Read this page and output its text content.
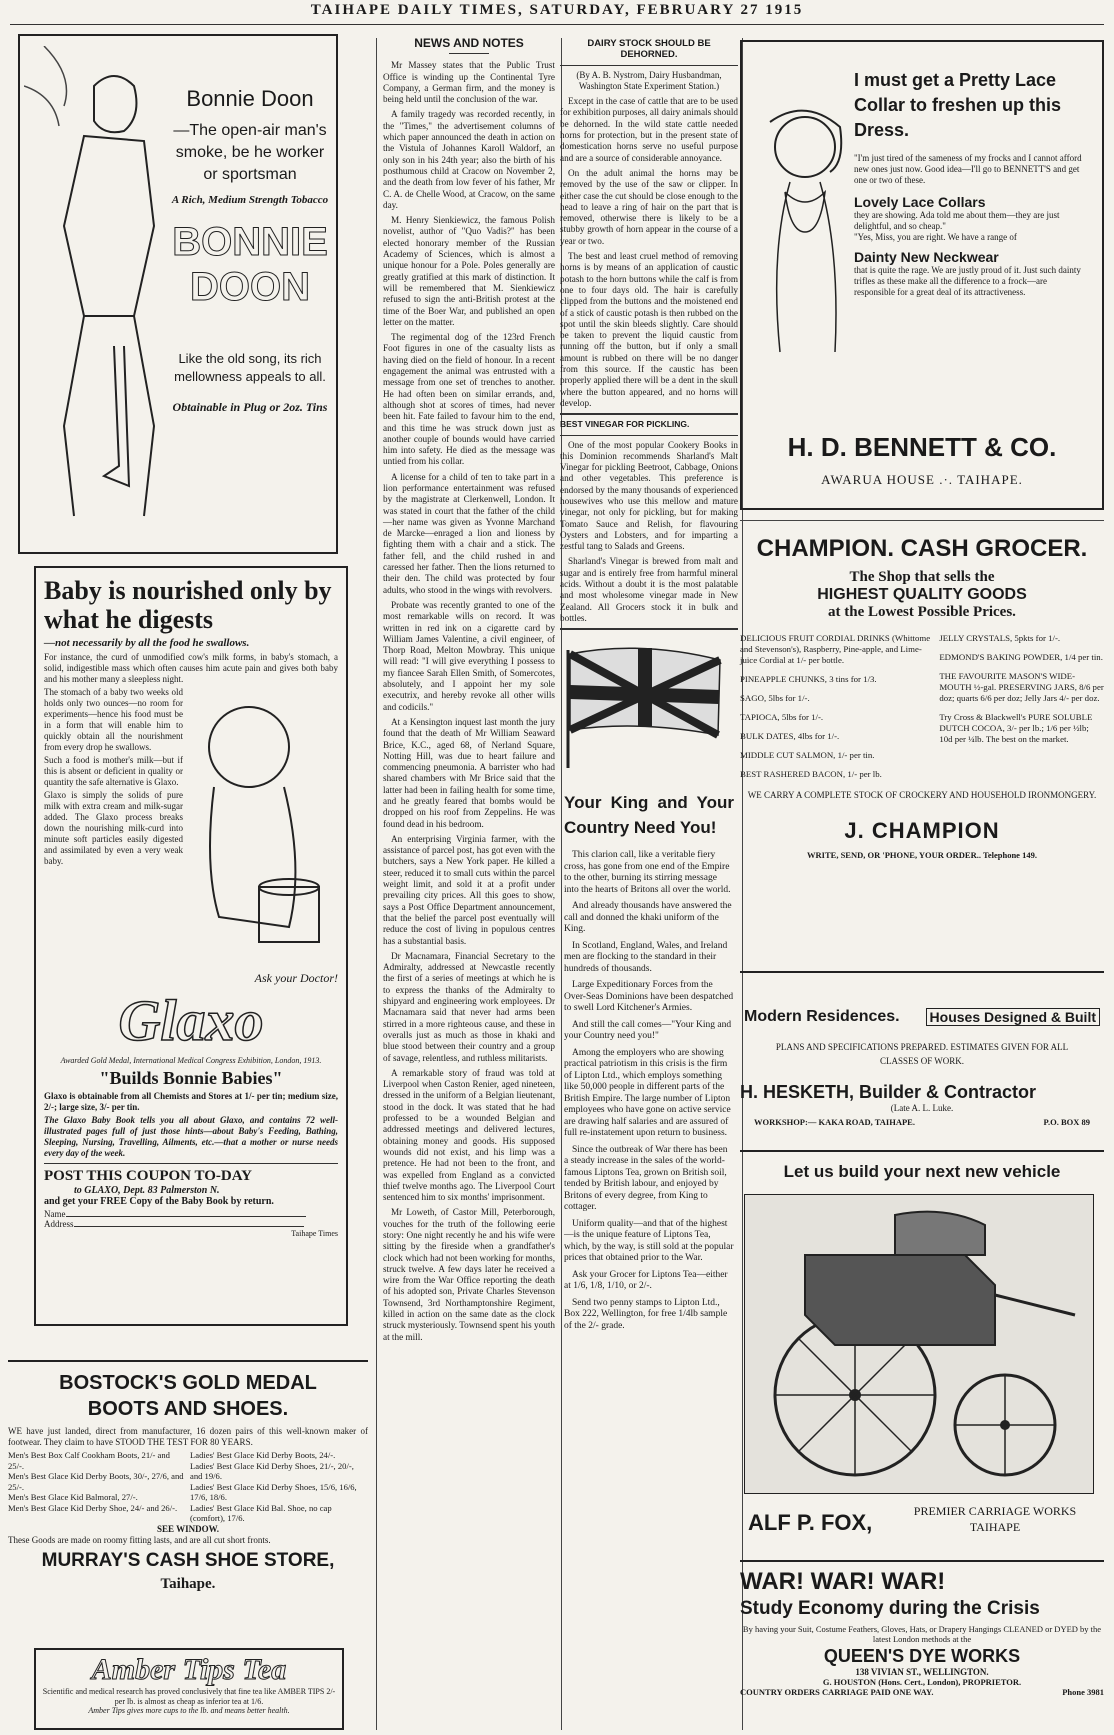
TAIHAPE DAILY TIMES, SATURDAY, FEBRUARY 27 1915
Bonnie Doon
—The open-air man's smoke, be he worker or sportsman
A Rich, Medium Strength Tobacco
BONNIE
DOON
Like the old song, its rich mellowness appeals to all.
Obtainable in Plug or 2oz. Tins
Baby is nourished only by what he digests
—not necessarily by all the food he swallows.

For instance, the curd of unmodified cow's milk forms, in baby's stomach, a solid, indigestible mass which often causes him acute pain and gives both baby and his mother many a sleepless night.

The stomach of a baby two weeks old holds only two ounces—no room for experiments—hence his food must be in a form that will enable him to quickly obtain all the nourishment from every drop he swallows.

Such a food is mother's milk—but if this is absent or deficient in quality or quantity the safe alternative is Glaxo.

Glaxo is simply the solids of pure milk with extra cream and milk-sugar added. The Glaxo process breaks down the nourishing milk-curd into minute soft particles easily digested and assimilated by even a very weak baby.

Ask your Doctor!
Glaxo
Awarded Gold Medal, International Medical Congress Exhibition, London, 1913.
"Builds Bonnie Babies"
Glaxo is obtainable from all Chemists and Stores at 1/- per tin; medium size, 2/-; large size, 3/- per tin.
The Glaxo Baby Book tells you all about Glaxo, and contains 72 well-illustrated pages full of just those hints—about Baby's Feeding, Bathing, Sleeping, Nursing, Travelling, Ailments, etc.—that a mother or nurse needs every day of the week.
POST THIS COUPON TO-DAY
to GLAXO, Dept. 83 Palmerston N.
and get your FREE Copy of the Baby Book by return.
Name
Address
Taihape Times
BOSTOCK'S GOLD MEDAL BOOTS AND SHOES.
WE have just landed, direct from manufacturer, 16 dozen pairs of this well-known maker of footwear. They claim to have STOOD THE TEST FOR 80 YEARS.
Men's Best Box Calf Cookham Boots, 21/- and 25/-.
Men's Best Glace Kid Derby Boots, 30/-, 27/6, and 25/-.
Men's Best Glace Kid Balmoral, 27/-.
Men's Best Glace Kid Derby Shoe, 24/- and 26/-.
Ladies' Best Glace Kid Derby Boots, 24/-.
Ladies' Best Glace Kid Derby Shoes, 21/-, 20/-, and 19/6.
Ladies' Best Glace Kid Derby Shoes, 15/6, 16/6, 17/6, 18/6.
Ladies' Best Glace Kid Bal. Shoe, no cap (comfort), 17/6.
SEE WINDOW.
These Goods are made on roomy fitting lasts, and are all cut short fronts.
MURRAY'S CASH SHOE STORE,
Taihape.
Amber Tips Tea
Scientific and medical research has proved conclusively that fine tea like AMBER TIPS 2/- per lb. is almost as cheap as inferior tea at 1/6.
Amber Tips gives more cups to the lb. and means better health.
NEWS AND NOTES

Mr Massey states that the Public Trust Office is winding up the Continental Tyre Company, a German firm, and the money is being held until the conclusion of the war.

A family tragedy was recorded recently, in the "Times," the advertisement columns of which paper announced the death in action on the Vistula of Johannes Karoll Waldorf, an only son in his 24th year; also the birth of his posthumous child at Cracow on November 2, and the death from low fever of his father, Mr C. A. de Chelle Wood, at Cracow, on the same day.

M. Henry Sienkiewicz, the famous Polish novelist, author of "Quo Vadis?" has been elected honorary member of the Russian Academy of Sciences, which is almost a unique honour for a Pole. Poles generally are greatly gratified at this mark of distinction. It will be remembered that M. Sienkiewicz refused to sign the anti-British protest at the time of the Boer War, and published an open letter on the matter.

The regimental dog of the 123rd French Foot figures in one of the casualty lists as having died on the field of honour. In a recent engagement the animal was entrusted with a message from one set of trenches to another. He had often been on similar errands, and, although shot at scores of times, had never been hit. Fate failed to favour him to the end, and this time he was struck down just as another couple of bounds would have carried him into safety. He died as the message was untied from his collar.

A license for a child of ten to take part in a lion performance entertainment was refused by the magistrate at Clerkenwell, London. It was stated in court that the father of the child—her name was given as Yvonne Marchand de Marcke—enraged a lion and lioness by fighting them with a chair and a stick. The father fell, and the child rushed in and caressed her father. Then the lions returned to their den. The child was protected by four adults, who stood in the wings with revolvers.

Probate was recently granted to one of the most remarkable wills on record. It was written in red ink on a cigarette card by William James Valentine, a civil engineer, of Thorp Road, Melton Mowbray. This unique will read: "I will give everything I possess to my fiancee Sarah Ellen Smith, of Somercotes, absolutely, and I appoint her my sole executrix, and hereby revoke all other wills and codicils."

At a Kensington inquest last month the jury found that the death of Mr William Seaward Brice, K.C., aged 68, of Nerland Square, Notting Hill, was due to heart failure and commencing pneumonia. A barrister who had shared chambers with Mr Brice said that the latter had been in failing health for some time, and he greatly feared that bombs would be dropped on his roof from Zeppelins. He was found dead in his bedroom.

An enterprising Virginia farmer, with the assistance of parcel post, has got even with the butchers, says a New York paper. He killed a steer, reduced it to small cuts within the parcel weight limit, and sold it at a profit under prevailing city prices. All this goes to show, says a Post Office Department announcement, that the belief the parcel post eventually will reduce the cost of living in populous centres has a substantial basis.

Dr Macnamara, Financial Secretary to the Admiralty, addressed at Newcastle recently the first of a series of meetings at which he is to express the thanks of the Admiralty to shipyard and engineering work employees. Dr Macnamara said that never had arms been stirred in a more righteous cause, and these in overalls just as much as those in khaki and blue stood between their country and a group of savage, relentless, and ruthless militarists.

A remarkable story of fraud was told at Liverpool when Caston Renier, aged nineteen, dressed in the uniform of a Belgian lieutenant, stood in the dock. It was stated that he had professed to be a wounded Belgian and addressed meetings and delivered lectures, obtaining money and goods. His supposed wounds did not exist, and his limp was a pretence. He had not been to the front, and was expelled from England as a convicted thief twelve months ago. The Liverpool Court sentenced him to six months' imprisonment.

Mr Loweth, of Castor Mill, Peterborough, vouches for the truth of the following eerie story: One night recently he and his wife were sitting by the fireside when a grandfather's clock which had not been working for months, struck twelve. A few days later he received a wire from the War Office reporting the death of his adopted son, Private Charles Stevenson Townsend, 3rd Northamptonshire Regiment, killed in action on the same date as the clock struck mysteriously. Townsend spent his youth at the mill.

DAIRY STOCK SHOULD BE DEHORNED.
(By A. B. Nystrom, Dairy Husbandman, Washington State Experiment Station.)

Except in the case of cattle that are to be used for exhibition purposes, all dairy animals should be dehorned. In the wild state cattle needed horns for protection, but in the present state of domestication horns serve no useful purpose and are a source of considerable annoyance.

On the adult animal the horns may be removed by the use of the saw or clipper. In either case the cut should be close enough to the head to leave a ring of hair on the part that is removed, otherwise there is likely to be a stubby growth of horn appear in the course of a year or two.

The best and least cruel method of removing horns is by means of an application of caustic potash to the horn buttons while the calf is from one to four days old. The hair is carefully clipped from the buttons and the moistened end of a stick of caustic potash is then rubbed on the spot until the skin bleeds slightly. Care should be taken to prevent the liquid caustic from running off the button, but if only a small amount is rubbed on there will be no danger from this source. If the caustic has been properly applied there will be a dent in the skull where the button appeared, and no horns will develop.

BEST VINEGAR FOR PICKLING.

One of the most popular Cookery Books in this Dominion recommends Sharland's Malt Vinegar for pickling Beetroot, Cabbage, Onions and other vegetables. This preference is endorsed by the many thousands of experienced housewives who use this mellow and mature vinegar, not only for pickling, but for making Tomato Sauce and Relish, for flavouring Oysters and Lobsters, and for imparting a zestful tang to Salads and Greens.

Sharland's Vinegar is brewed from malt and sugar and is entirely free from harmful mineral acids. Without a doubt it is the most palatable and most wholesome vinegar made in New Zealand. All Grocers stock it in bulk and bottles.

Your King and Your Country Need You!

This clarion call, like a veritable fiery cross, has gone from one end of the Empire to the other, burning its stirring message into the hearts of Britons all over the world.

And already thousands have answered the call and donned the khaki uniform of the King.

In Scotland, England, Wales, and Ireland men are flocking to the standard in their hundreds of thousands.

Large Expeditionary Forces from the Over-Seas Dominions have been despatched to swell Lord Kitchener's Armies.

And still the call comes—"Your King and your Country need you!"

Among the employers who are showing practical patriotism in this crisis is the firm of Lipton Ltd., which employs something like 50,000 people in different parts of the British Empire. The large number of Lipton employees who have gone on active service are drawing half salaries and are assured of full re-instatement upon return to business.

Since the outbreak of War there has been a steady increase in the sales of the world-famous Liptons Tea, grown on British soil, tended by British labour, and enjoyed by Britons of every degree, from King to cottager.

Uniform quality—and that of the highest—is the unique feature of Liptons Tea, which, by the way, is still sold at the popular prices that obtained prior to the War.

Ask your Grocer for Liptons Tea—either at 1/6, 1/8, 1/10, or 2/-.

Send two penny stamps to Lipton Ltd., Box 222, Wellington, for free 1/4lb sample of the 2/- grade.

I must get a Pretty Lace Collar to freshen up this Dress.
"I'm just tired of the sameness of my frocks and I cannot afford new ones just now. Good idea—I'll go to BENNETT'S and get one or two of these.
Lovely Lace Collars
they are showing. Ada told me about them—they are just delightful, and so cheap."
"Yes, Miss, you are right. We have a range of
Dainty New Neckwear
that is quite the rage. We are justly proud of it. Just such dainty trifles as these make all the difference to a frock—are responsible for a great deal of its attractiveness.
H. D. BENNETT & CO.
AWARUA HOUSE .·. TAIHAPE.
CHAMPION. CASH GROCER.
The Shop that sells the
HIGHEST QUALITY GOODS
at the Lowest Possible Prices.
DELICIOUS FRUIT CORDIAL DRINKS (Whittome and Stevenson's), Raspberry, Pine-apple, and Lime-juice Cordial at 1/- per bottle.
PINEAPPLE CHUNKS, 3 tins for 1/3.
SAGO, 5lbs for 1/-.
TAPIOCA, 5lbs for 1/-.
BULK DATES, 4lbs for 1/-.
MIDDLE CUT SALMON, 1/- per tin.
BEST RASHERED BACON, 1/- per lb.
JELLY CRYSTALS, 5pkts for 1/-.
EDMOND'S BAKING POWDER, 1/4 per tin.
THE FAVOURITE MASON'S WIDE-MOUTH ½-gal. PRESERVING JARS, 8/6 per doz; quarts 6/6 per doz; Jelly Jars 4/- per doz.
Try Cross & Blackwell's PURE SOLUBLE DUTCH COCOA, 3/- per lb.; 1/6 per ½lb; 10d per ¼lb. The best on the market.
WE CARRY A COMPLETE STOCK OF CROCKERY AND HOUSEHOLD IRONMONGERY.
J. CHAMPION
WRITE, SEND, OR 'PHONE, YOUR ORDER.. Telephone 149.
Modern Residences. Houses Designed & Built
PLANS AND SPECIFICATIONS PREPARED. ESTIMATES GIVEN FOR ALL CLASSES OF WORK.
H. HESKETH, Builder & Contractor
(Late A. L. Luke.
WORKSHOP:— KAKA ROAD, TAIHAPE.	P.O. BOX 89
Let us build your next new vehicle
ALF P. FOX,	PREMIER CARRIAGE WORKS
TAIHAPE
WAR! WAR! WAR!
Study Economy during the Crisis
By having your Suit, Costume Feathers, Gloves, Hats, or Drapery Hangings CLEANED or DYED by the latest London methods at the
QUEEN'S DYE WORKS
138 VIVIAN ST., WELLINGTON.
G. HOUSTON (Hons. Cert., London), PROPRIETOR.
COUNTRY ORDERS CARRIAGE PAID ONE WAY.	Phone 3981
